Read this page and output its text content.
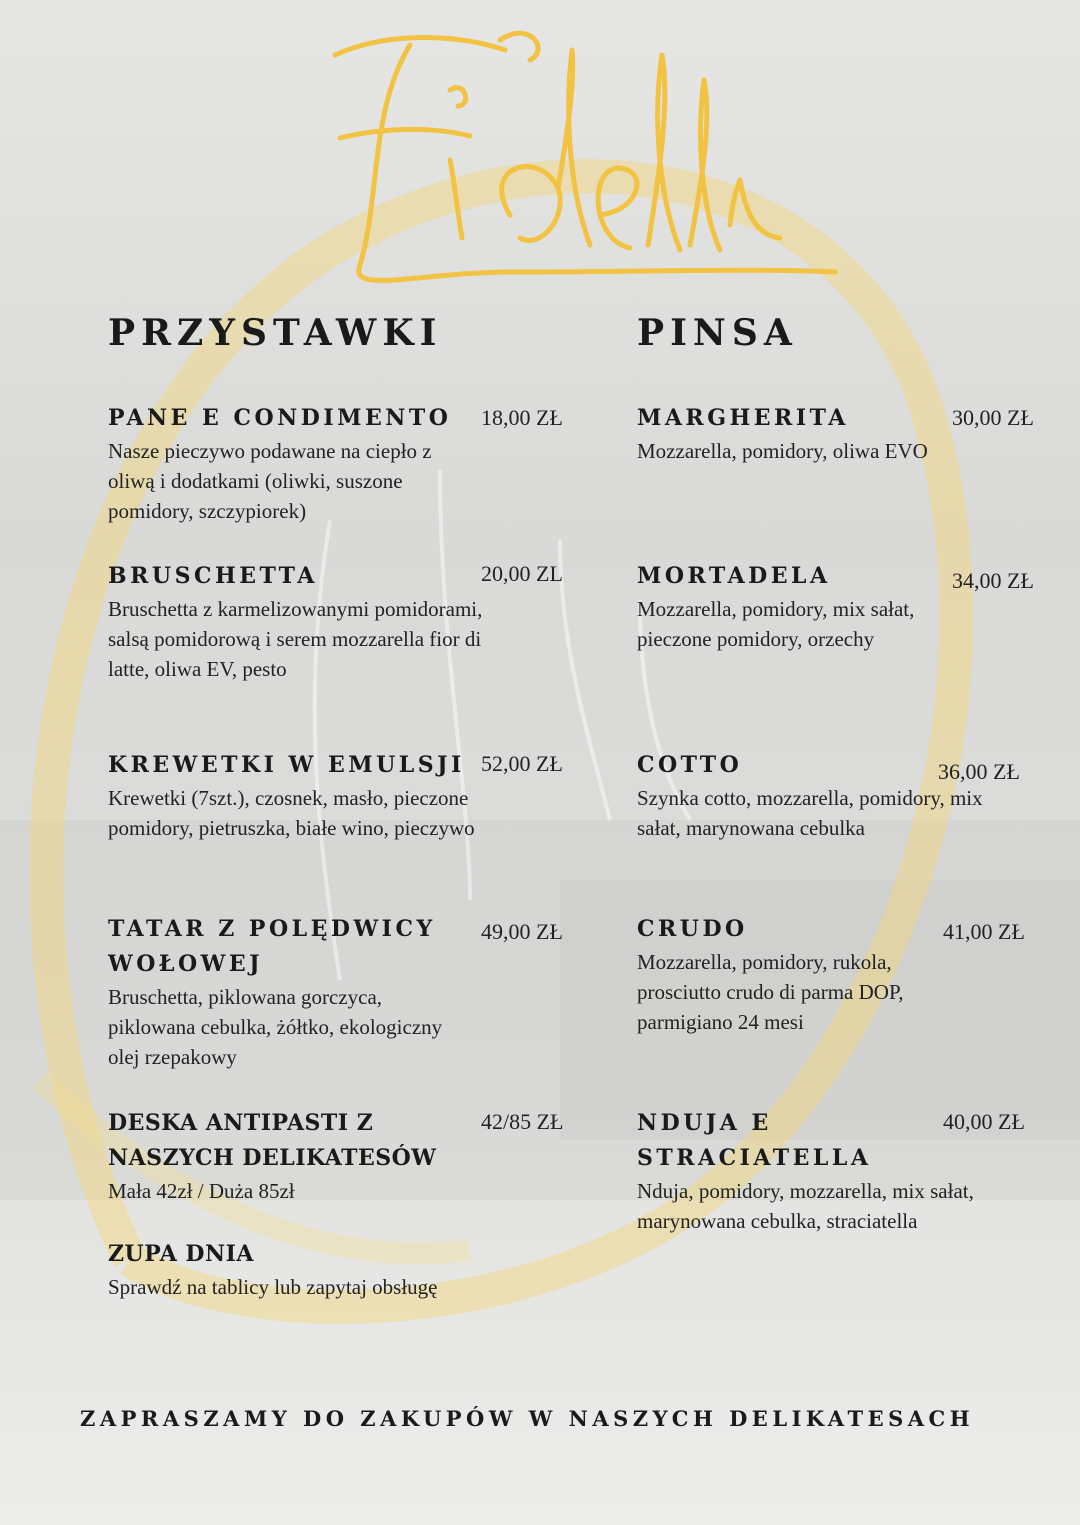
PRZYSTAWKI	PINSA
PANE E CONDIMENTO
Nasze pieczywo podawane na ciepło z oliwą i dodatkami (oliwki, suszone pomidory, szczypiorek)
18,00 ZŁ
BRUSCHETTA
Bruschetta z karmelizowanymi pomidorami, salsą pomidorową i serem mozzarella fior di latte, oliwa EV, pesto
20,00 ZL
KREWETKI W EMULSJI
Krewetki (7szt.), czosnek, masło, pieczone pomidory, pietruszka, białe wino, pieczywo
52,00 ZŁ
TATAR Z POLĘDWICY WOŁOWEJ
Bruschetta, piklowana gorczyca, piklowana cebulka, żółtko, ekologiczny olej rzepakowy
49,00 ZŁ
DESKA ANTIPASTI Z NASZYCH DELIKATESÓW
Mała 42zł / Duża 85zł
42/85 ZŁ
ZUPA DNIA
Sprawdź na tablicy lub zapytaj obsługę
MARGHERITA
Mozzarella, pomidory, oliwa EVO
30,00 ZŁ
MORTADELA
Mozzarella, pomidory, mix sałat, pieczone pomidory, orzechy
34,00 ZŁ
COTTO
Szynka cotto, mozzarella, pomidory, mix sałat, marynowana cebulka
36,00 ZŁ
CRUDO
Mozzarella, pomidory, rukola, prosciutto crudo di parma DOP, parmigiano 24 mesi
41,00 ZŁ
NDUJA E STRACIATELLA
Nduja, pomidory, mozzarella, mix sałat, marynowana cebulka, straciatella
40,00 ZŁ

ZAPRASZAMY DO ZAKUPÓW W NASZYCH DELIKATESACH
